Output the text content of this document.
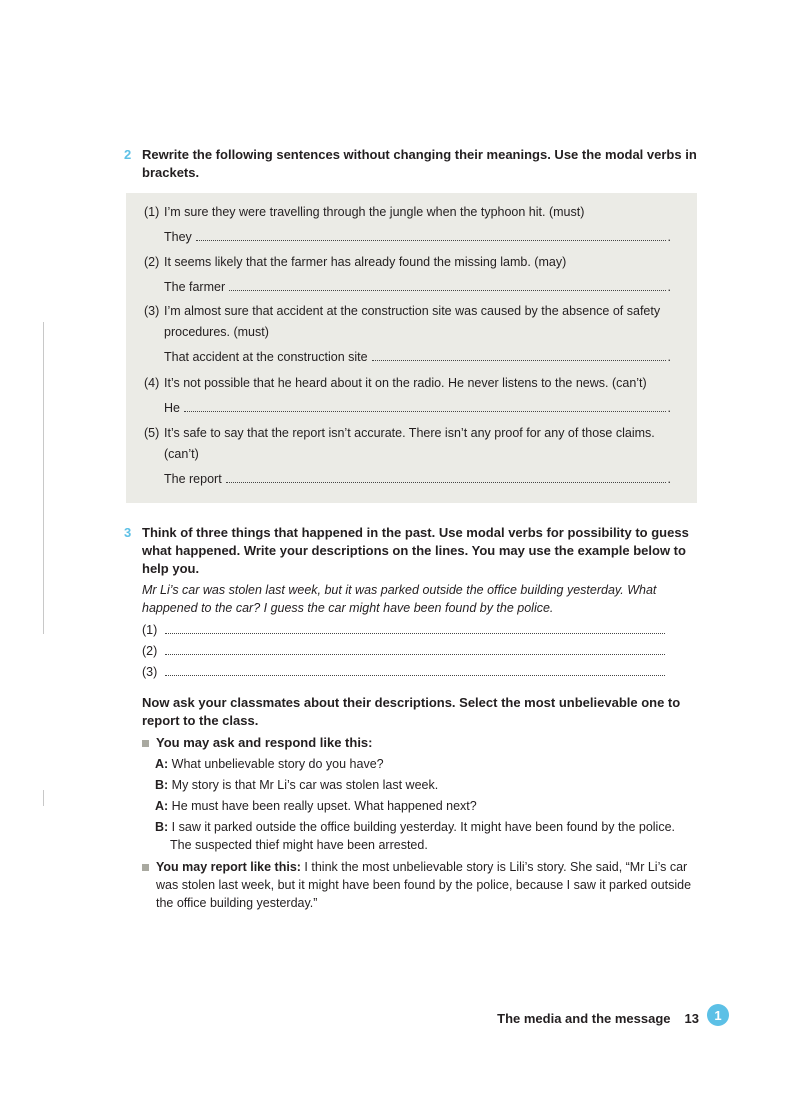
2 Rewrite the following sentences without changing their meanings. Use the modal verbs in brackets.
(1) I’m sure they were travelling through the jungle when the typhoon hit. (must)
They	.
(2) It seems likely that the farmer has already found the missing lamb. (may)
The farmer	.
(3) I’m almost sure that accident at the construction site was caused by the absence of safety procedures. (must)
That accident at the construction site	.
(4) It’s not possible that he heard about it on the radio. He never listens to the news. (can’t)
He	.
(5) It’s safe to say that the report isn’t accurate. There isn’t any proof for any of those claims. (can’t)
The report	.
3 Think of three things that happened in the past. Use modal verbs for possibility to guess what happened. Write your descriptions on the lines. You may use the example below to help you.
Mr Li’s car was stolen last week, but it was parked outside the office building yesterday. What happened to the car? I guess the car might have been found by the police.
(1)
(2)
(3)
Now ask your classmates about their descriptions. Select the most unbelievable one to report to the class.
You may ask and respond like this:
A: What unbelievable story do you have?
B: My story is that Mr Li’s car was stolen last week.
A: He must have been really upset. What happened next?
B: I saw it parked outside the office building yesterday. It might have been found by the police. The suspected thief might have been arrested.
You may report like this: I think the most unbelievable story is Lili’s story. She said, “Mr Li’s car was stolen last week, but it might have been found by the police, because I saw it parked outside the office building yesterday.”
The media and the message 13	1
